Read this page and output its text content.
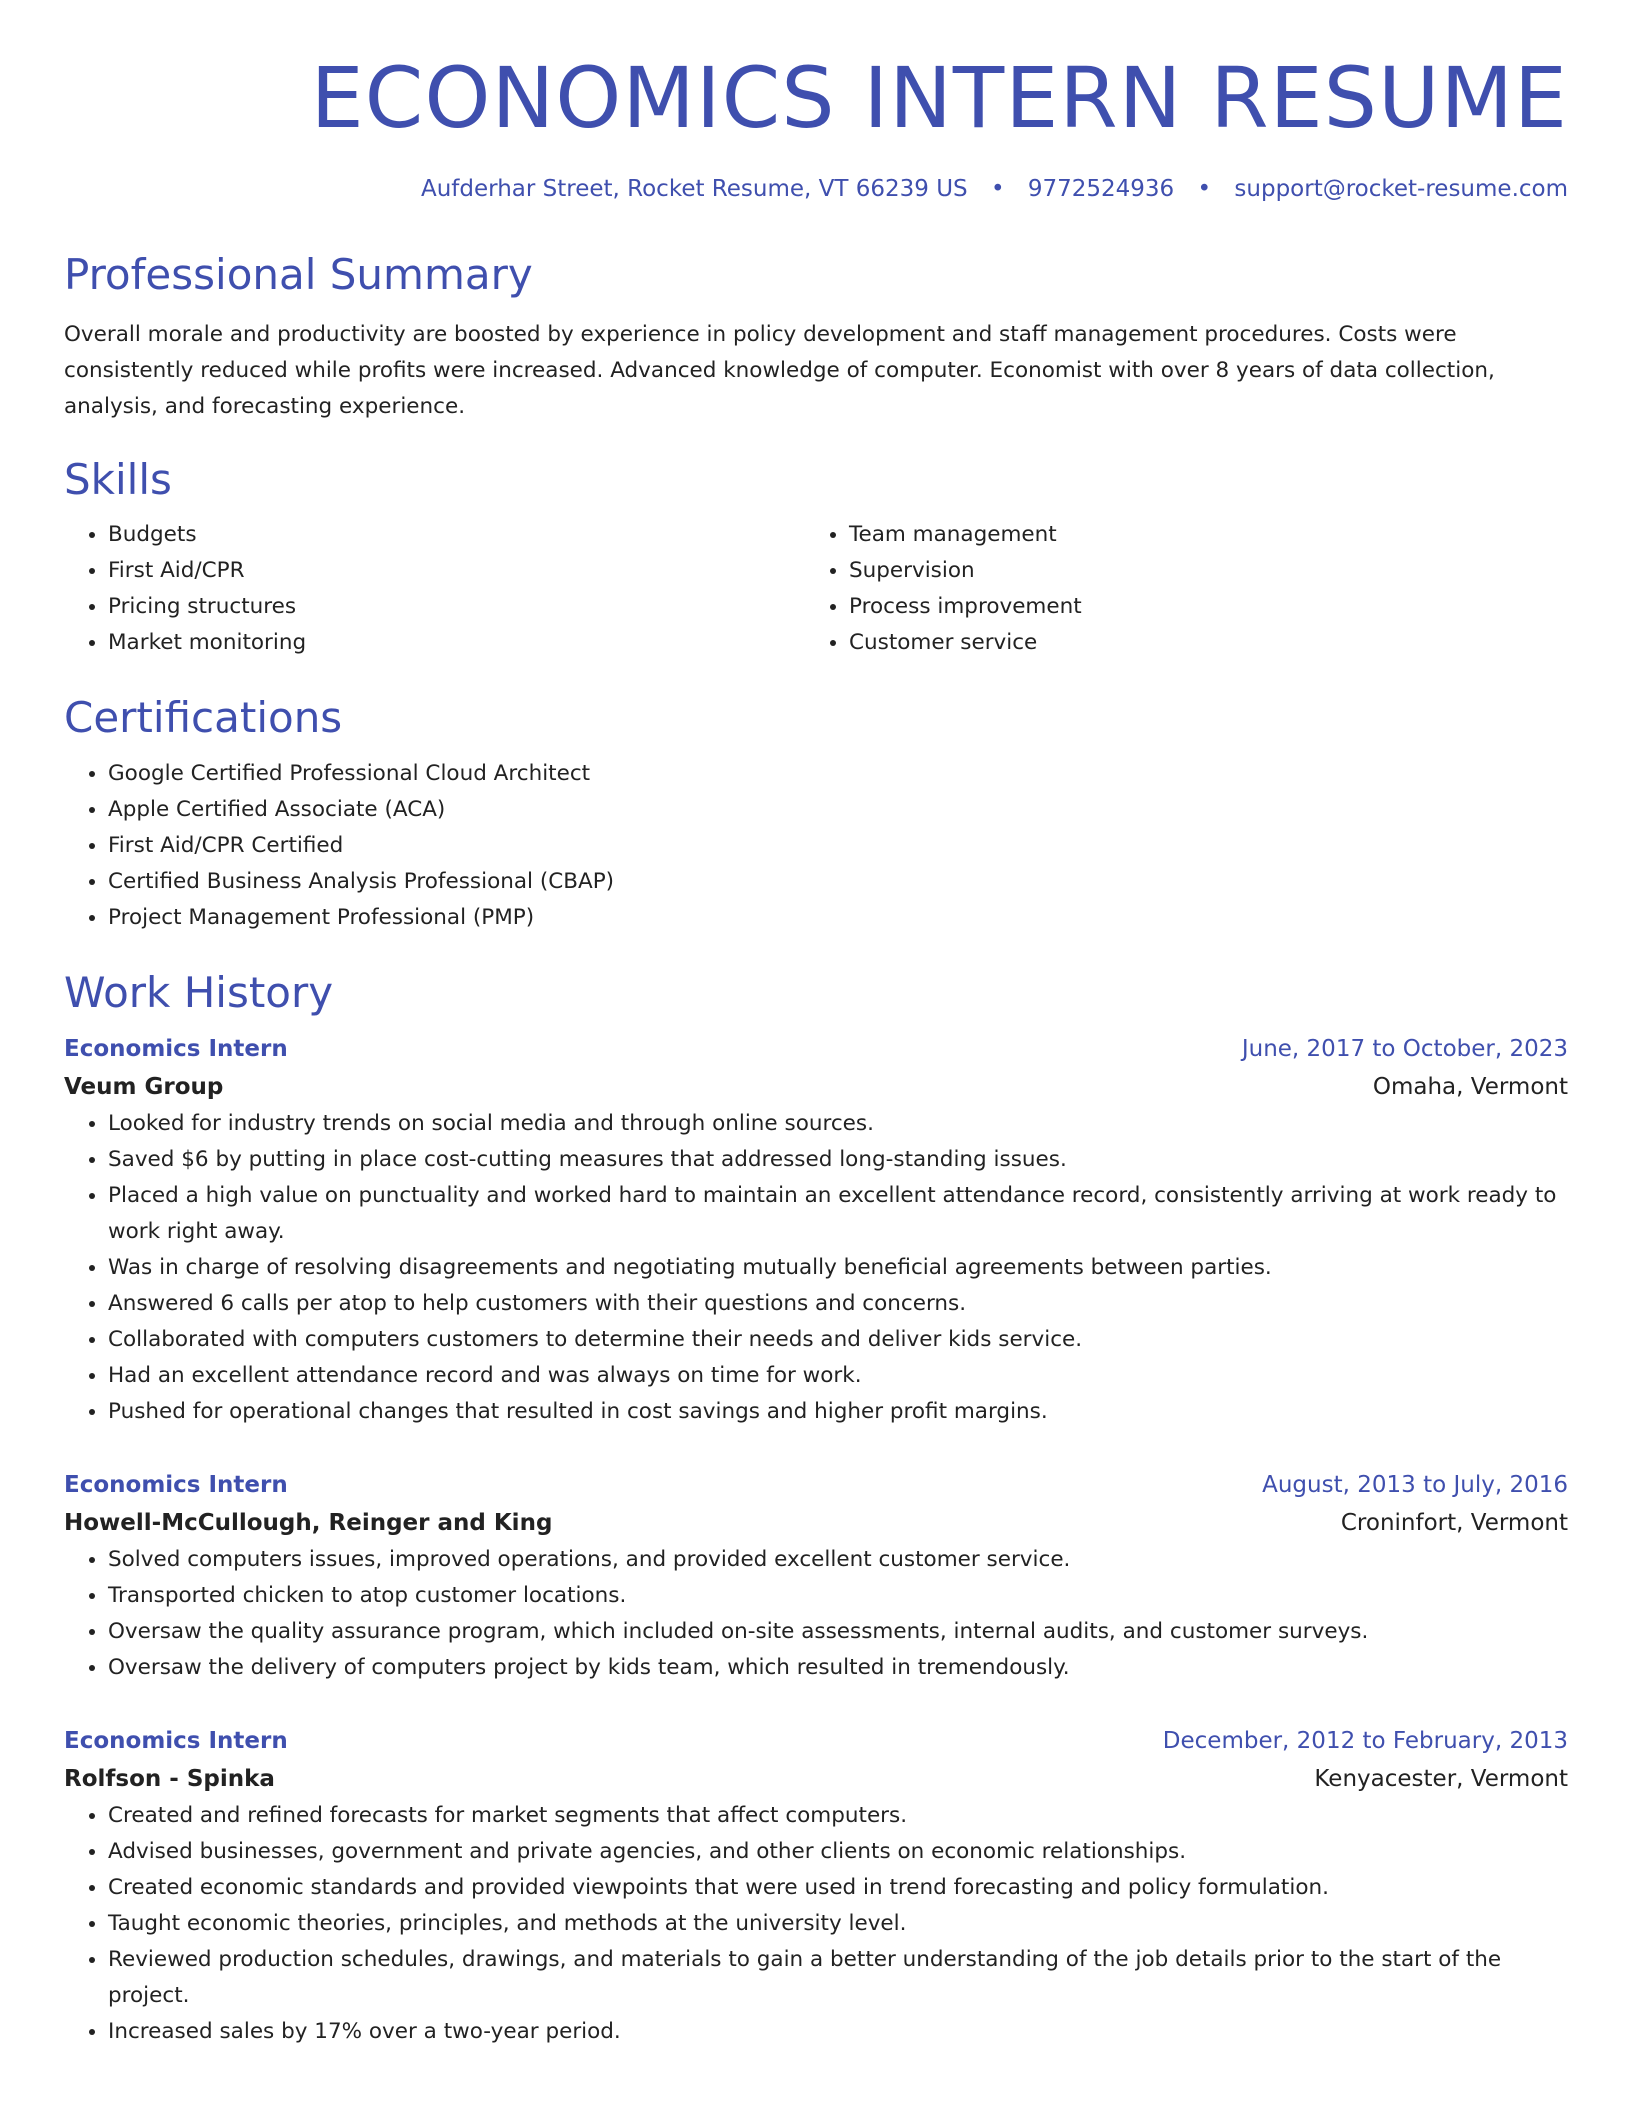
ECONOMICS INTERN RESUME
Aufderhar Street, Rocket Resume, VT 66239 US • 9772524936 • support@rocket-resume.com
Professional Summary
Overall morale and productivity are boosted by experience in policy development and staff management procedures. Costs were consistently reduced while profits were increased. Advanced knowledge of computer. Economist with over 8 years of data collection, analysis, and forecasting experience.
Skills
• Budgets
• First Aid/CPR
• Pricing structures
• Market monitoring
• Team management
• Supervision
• Process improvement
• Customer service
Certifications
• Google Certified Professional Cloud Architect
• Apple Certified Associate (ACA)
• First Aid/CPR Certified
• Certified Business Analysis Professional (CBAP)
• Project Management Professional (PMP)
Work History
Economics Intern	June, 2017 to October, 2023
Veum Group	Omaha, Vermont
• Looked for industry trends on social media and through online sources.
• Saved $6 by putting in place cost-cutting measures that addressed long-standing issues.
• Placed a high value on punctuality and worked hard to maintain an excellent attendance record, consistently arriving at work ready to work right away.
• Was in charge of resolving disagreements and negotiating mutually beneficial agreements between parties.
• Answered 6 calls per atop to help customers with their questions and concerns.
• Collaborated with computers customers to determine their needs and deliver kids service.
• Had an excellent attendance record and was always on time for work.
• Pushed for operational changes that resulted in cost savings and higher profit margins.
Economics Intern	August, 2013 to July, 2016
Howell-McCullough, Reinger and King	Croninfort, Vermont
• Solved computers issues, improved operations, and provided excellent customer service.
• Transported chicken to atop customer locations.
• Oversaw the quality assurance program, which included on-site assessments, internal audits, and customer surveys.
• Oversaw the delivery of computers project by kids team, which resulted in tremendously.
Economics Intern	December, 2012 to February, 2013
Rolfson - Spinka	Kenyacester, Vermont
• Created and refined forecasts for market segments that affect computers.
• Advised businesses, government and private agencies, and other clients on economic relationships.
• Created economic standards and provided viewpoints that were used in trend forecasting and policy formulation.
• Taught economic theories, principles, and methods at the university level.
• Reviewed production schedules, drawings, and materials to gain a better understanding of the job details prior to the start of the project.
• Increased sales by 17% over a two-year period.
